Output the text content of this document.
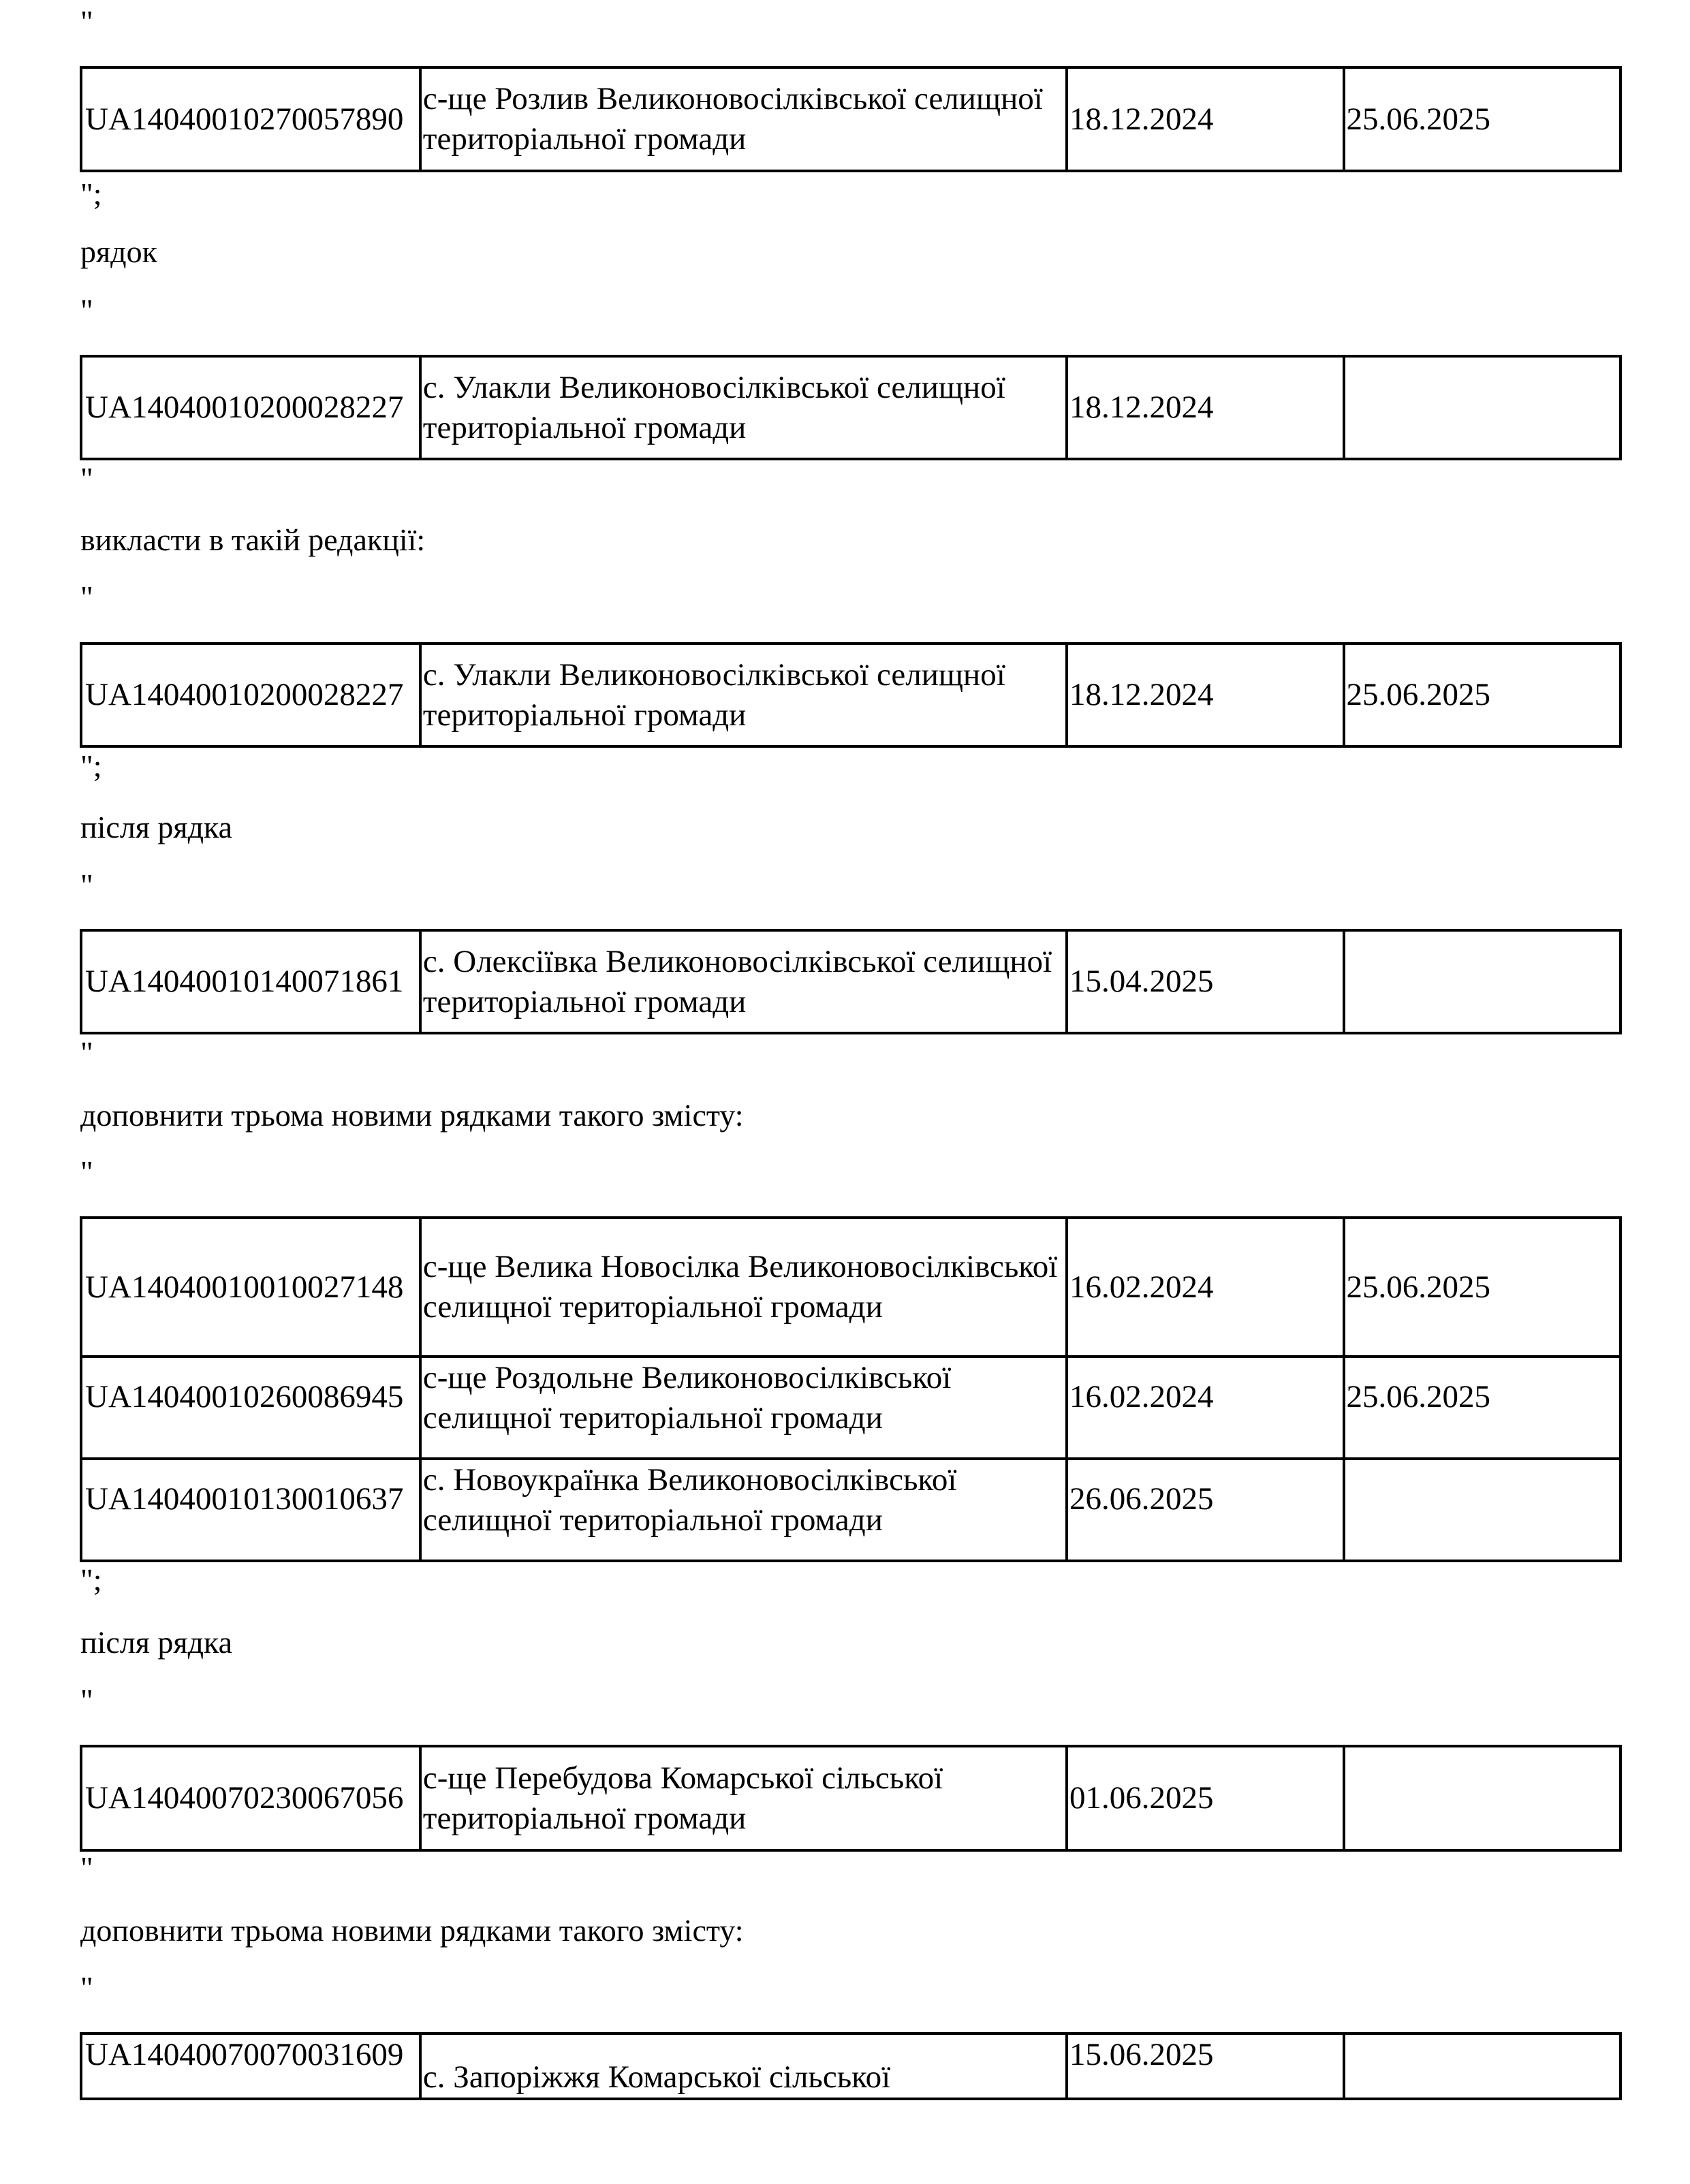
"
UA14040010270057890	с-ще Розлив Великоновосілківської селищної територіальної громади	18.12.2024	25.06.2025
";
рядок
"
UA14040010200028227	с. Улакли Великоновосілківської селищної територіальної громади	18.12.2024	
"
викласти в такій редакції:
"
UA14040010200028227	с. Улакли Великоновосілківської селищної територіальної громади	18.12.2024	25.06.2025
";
після рядка
"
UA14040010140071861	с. Олексіївка Великоновосілківської селищної територіальної громади	15.04.2025	
"
доповнити трьома новими рядками такого змісту:
"
UA14040010010027148	с-ще Велика Новосілка Великоновосілківської селищної територіальної громади	16.02.2024	25.06.2025
UA14040010260086945	с-ще Роздольне Великоновосілківської селищної територіальної громади	16.02.2024	25.06.2025
UA14040010130010637	с. Новоукраїнка Великоновосілківської селищної територіальної громади	26.06.2025	
";
після рядка
"
UA14040070230067056	с-ще Перебудова Комарської сільської територіальної громади	01.06.2025	
"
доповнити трьома новими рядками такого змісту:
"
UA14040070070031609	с. Запоріжжя Комарської сільської	15.06.2025	
